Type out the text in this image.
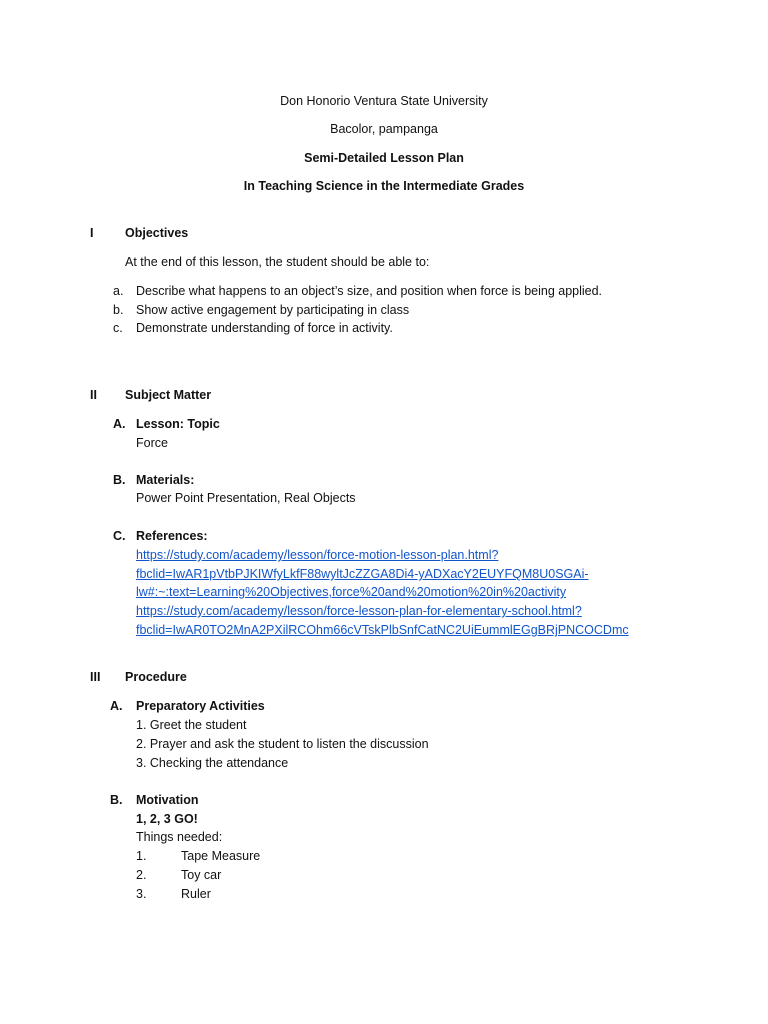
Don Honorio Ventura State University
Bacolor, pampanga
Semi-Detailed Lesson Plan
In Teaching Science in the Intermediate Grades
I	Objectives
At the end of this lesson, the student should be able to:
a. Describe what happens to an object’s size, and position when force is being applied.
b. Show active engagement by participating in class
c. Demonstrate understanding of force in activity.
II Subject Matter
A. Lesson: Topic
Force
B. Materials:
Power Point Presentation, Real Objects
C. References:
https://study.com/academy/lesson/force-motion-lesson-plan.html?
fbclid=IwAR1pVtbPJKIWfyLkfF88wyltJcZZGA8Di4-yADXacY2EUYFQM8U0SGAi-
lw#:~:text=Learning%20Objectives,force%20and%20motion%20in%20activity
https://study.com/academy/lesson/force-lesson-plan-for-elementary-school.html?
fbclid=IwAR0TO2MnA2PXilRCOhm66cVTskPlbSnfCatNC2UiEummlEGgBRjPNCOCDmc
III Procedure
A. Preparatory Activities
1. Greet the student
2. Prayer and ask the student to listen the discussion
3. Checking the attendance
B. Motivation
1, 2, 3 GO!
Things needed:
1.	Tape Measure
2.	Toy car
3.	Ruler
